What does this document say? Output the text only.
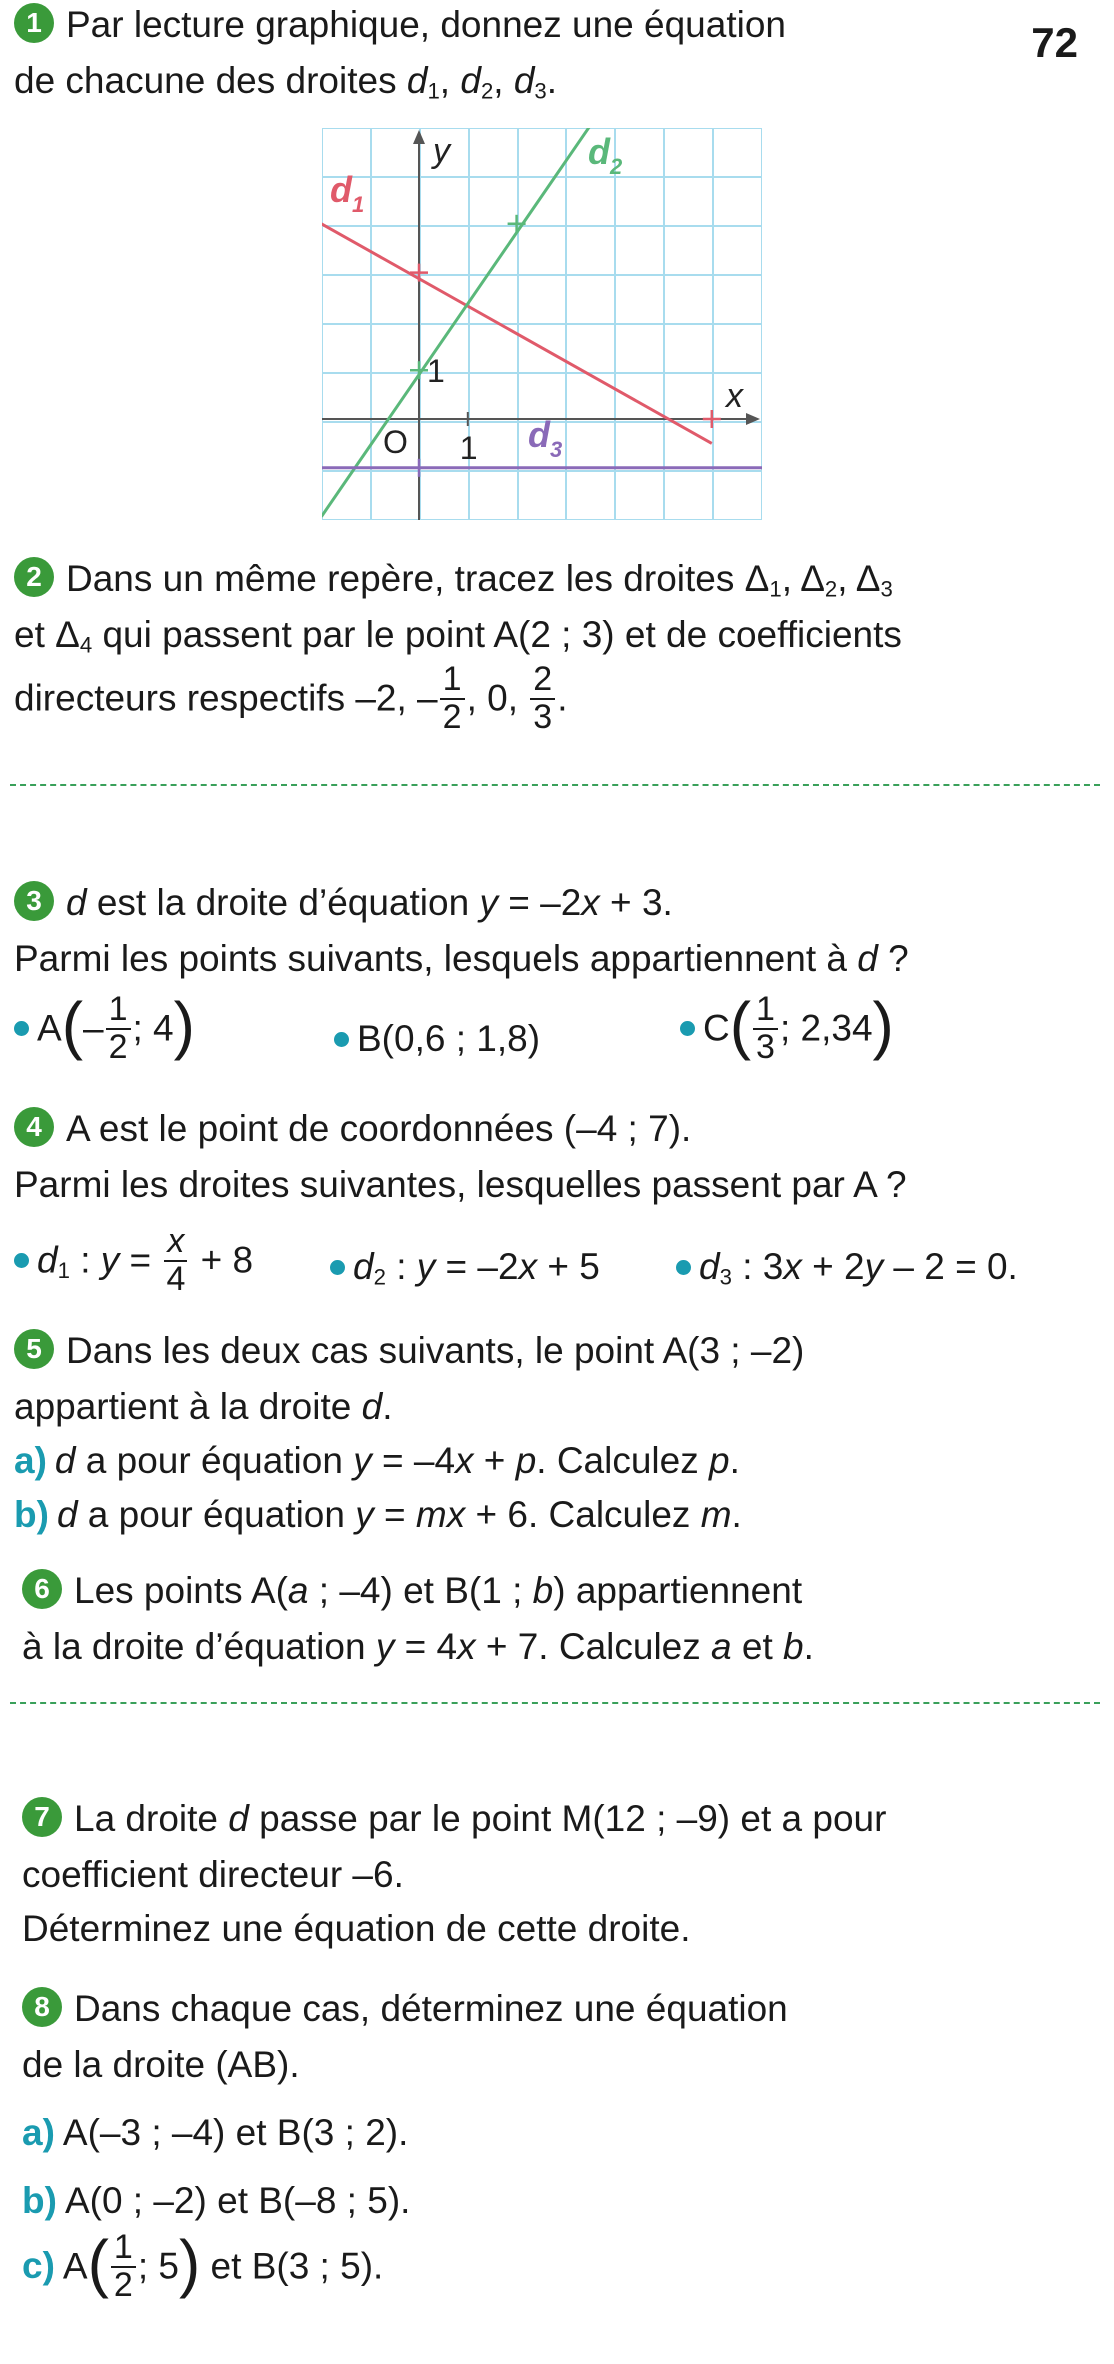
72
1 Par lecture graphique, donnez une équation
de chacune des droites $d_1$, $d_2$, $d_3$.
y
x
O 1
1
$d_1$
$d_2$
$d_3$
2 Dans un même repère, tracez les droites $\Delta_1$, $\Delta_2$, $\Delta_3$
et $\Delta_4$ qui passent par le point A(2 ; 3) et de coefficients
directeurs respectifs –2, – $\frac{1}{2}$ , 0, $\frac{2}{3}$ .
3 d est la droite d’équation y = –2x + 3.
Parmi les points suivants, lesquels appartiennent à d ?
$A(- \frac{1}{2}$ ; 4)	B(0,6 ; 1,8)	$C( \frac{1}{3}$ ; 2,34)
4 A est le point de coordonnées (–4 ; 7).
Parmi les droites suivantes, lesquelles passent par A ?
$d_1$ : $y = \frac{x}{4} + 8$	$d_2$ : y = –2x + 5	$d_3$ : 3x + 2y – 2 = 0.
5 Dans les deux cas suivants, le point A(3 ; –2)
appartient à la droite d.
a) d a pour équation y = –4x + p. Calculez p.
b) d a pour équation y = mx + 6. Calculez m.
6 Les points A(a ; –4) et B(1 ; b) appartiennent
à la droite d’équation y = 4x + 7. Calculez a et b.
7 La droite d passe par le point M(12 ; –9) et a pour
coefficient directeur –6.
Déterminez une équation de cette droite.
8 Dans chaque cas, déterminez une équation
de la droite (AB).
a) A(–3 ; –4) et B(3 ; 2).
b) A(0 ; –2) et B(–8 ; 5).
c) $A( \frac{1}{2}$ ; 5) et B(3 ; 5).
